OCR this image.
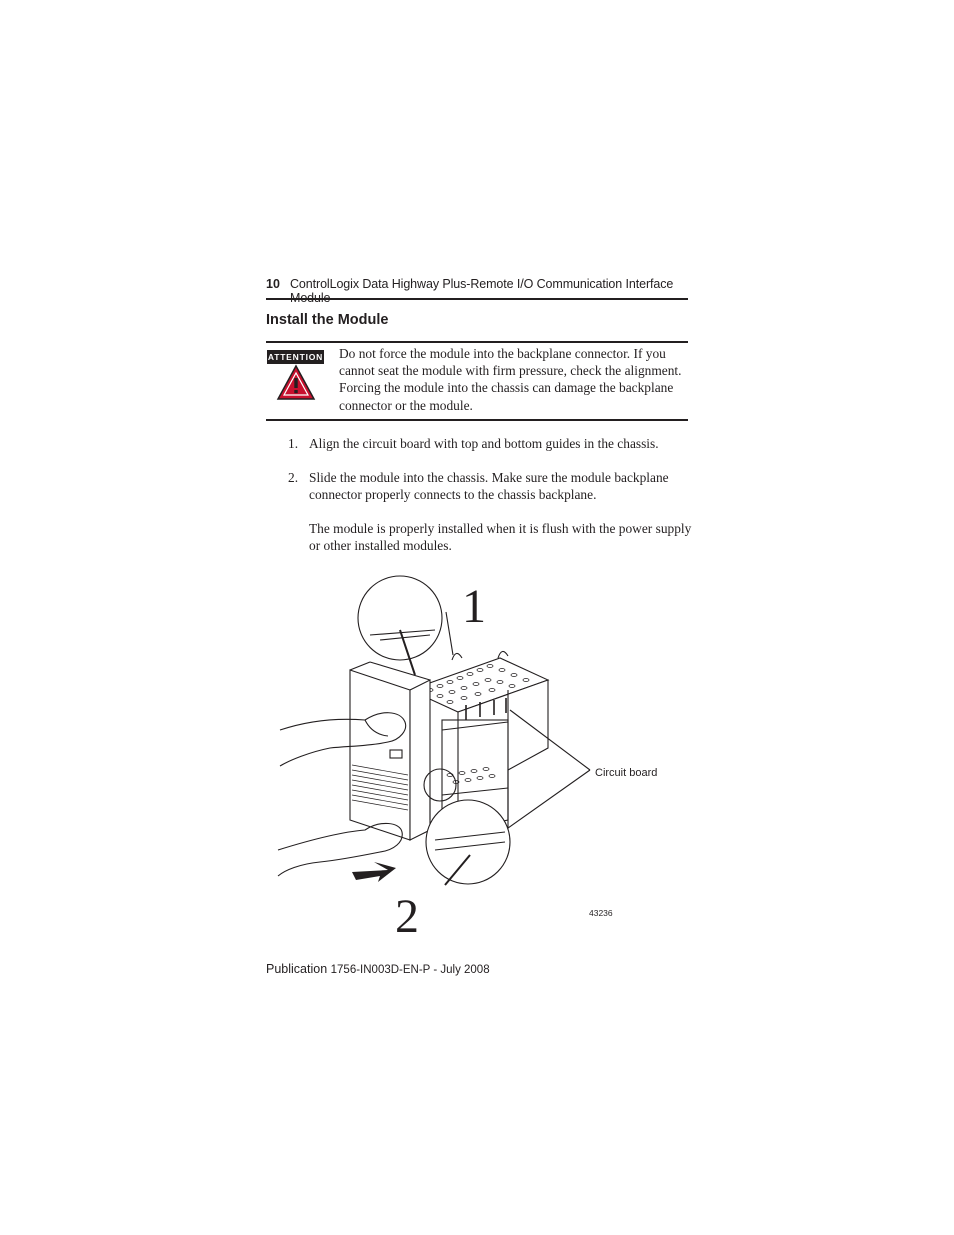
10 ControlLogix Data Highway Plus-Remote I/O Communication Interface
Install the Module
ATTENTION Do not force the module into the backplane connector. If you cannot seat the module with firm pressure, check the alignment. Forcing the module into the chassis can damage the backplane connector or the module.
1. Align the circuit board with top and bottom guides in the chassis.
2. Slide the module into the chassis. Make sure the module backplane connector properly connects to the chassis backplane.
The module is properly installed when it is flush with the power supply or other installed modules.
1
2
Circuit board
43236
Publication 1756-IN003D-EN-P - July 2008
